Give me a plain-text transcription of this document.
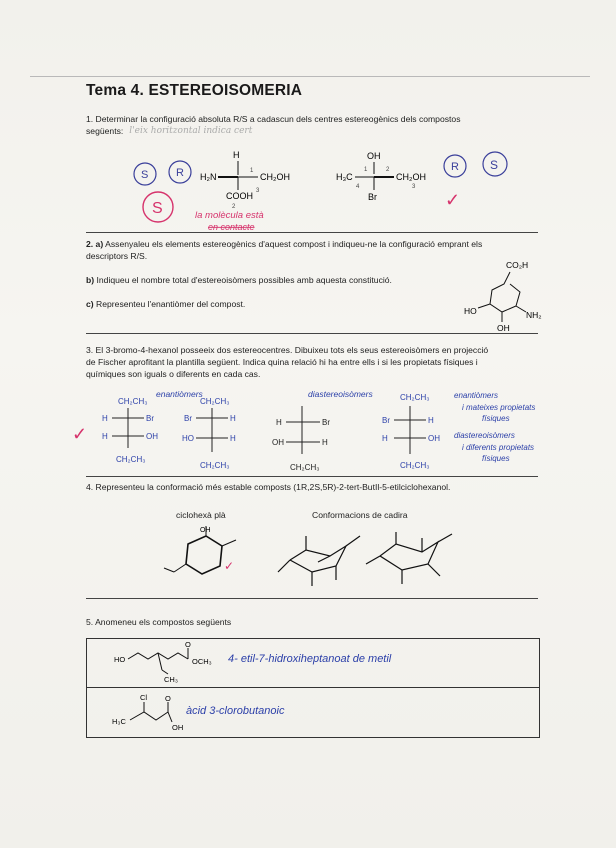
Tema 4. ESTEREOISOMERIA
1. Determinar la configuració absoluta R/S a cadascun dels centres estereogènics dels compostos
següents: l'eix horitzontal indica cert
S	R
S
H
H₂N	CH₂OH
COOH
1
2
3
la molècula està
en contacte
OH
H₃C	CH₂OH
Br
1	2
3
4
R	S
✓
2. a) Assenyaleu els elements estereogènics d'aquest compost i indiqueu-ne la configuració emprant els
descriptors R/S.
b) Indiqueu el nombre total d'estereoisòmers possibles amb aquesta constitució.
c) Representeu l'enantiòmer del compost.
CO₂H
HO	NH₂
OH
3. El 3-bromo-4-hexanol posseeix dos estereocentres. Dibuixeu tots els seus estereoisòmers en projecció
de Fischer aprofitant la plantilla següent. Indica quina relació hi ha entre ells i si les propietats físiques i
químiques son iguals o diferents en cada cas.
✓
enantiòmers	diastereoisòmers
CH₂CH₃
H	Br
H	OH
CH₂CH₃
CH₂CH₃
Br	H
HO	H
CH₂CH₃
H	Br
OH	H
CH₂CH₃
CH₂CH₃
Br	H
H	OH
CH₂CH₃
enantiòmers
i mateixes propietats
físiques
diastereoisòmers
i diferents propietats
físiques
4. Representeu la conformació més estable composts (1R,2S,5R)-2-tert-ButIl-5-etilciclohexanol.
ciclohexà plà	Conformacions de cadira
OH
✓
5. Anomeneu els compostos següents
HO
O
OCH₃
CH₃
4- etil-7-hidroxiheptanoat de metil
Cl
H₃C
O
OH
àcid 3-clorobutanoic
